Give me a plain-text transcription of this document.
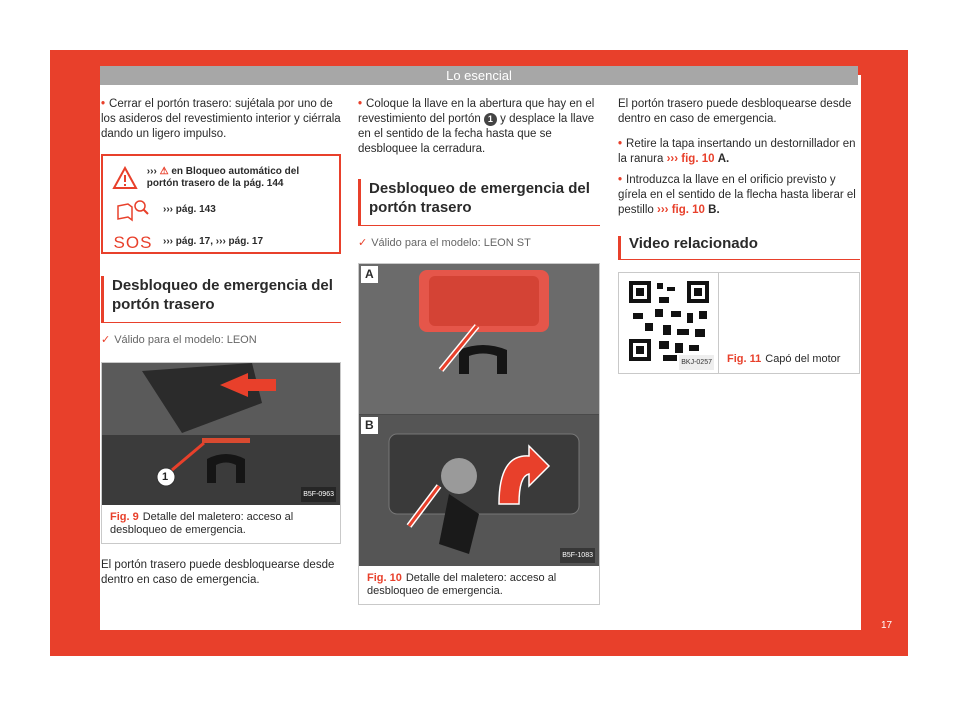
Lo esencial

• Cerrar el portón trasero: sujétala por uno de los asideros del revestimiento interior y ciérrala dando un ligero impulso.

››› ⚠ en Bloqueo automático del portón trasero de la pág. 144
››› pág. 143
SOS ››› pág. 17, ››› pág. 17
Desbloqueo de emergencia del portón trasero
✓ Válido para el modelo: LEON
B5F-0963
1
Fig. 9 Detalle del maletero: acceso al desbloqueo de emergencia.

El portón trasero puede desbloquearse desde dentro en caso de emergencia.

• Coloque la llave en la abertura que hay en el revestimiento del portón 1 y desplace la llave en el sentido de la fecha hasta que se desbloquee la cerradura.

Desbloqueo de emergencia del portón trasero
✓ Válido para el modelo: LEON ST
A
B
B5F-1083
Fig. 10 Detalle del maletero: acceso al desbloqueo de emergencia.

El portón trasero puede desbloquearse desde dentro en caso de emergencia.

• Retire la tapa insertando un destornillador en la ranura ››› fig. 10 A.

• Introduzca la llave en el orificio previsto y gírela en el sentido de la flecha hasta liberar el pestillo ››› fig. 10 B.

Video relacionado
BKJ-0257 Fig. 11 Capó del motor
17
